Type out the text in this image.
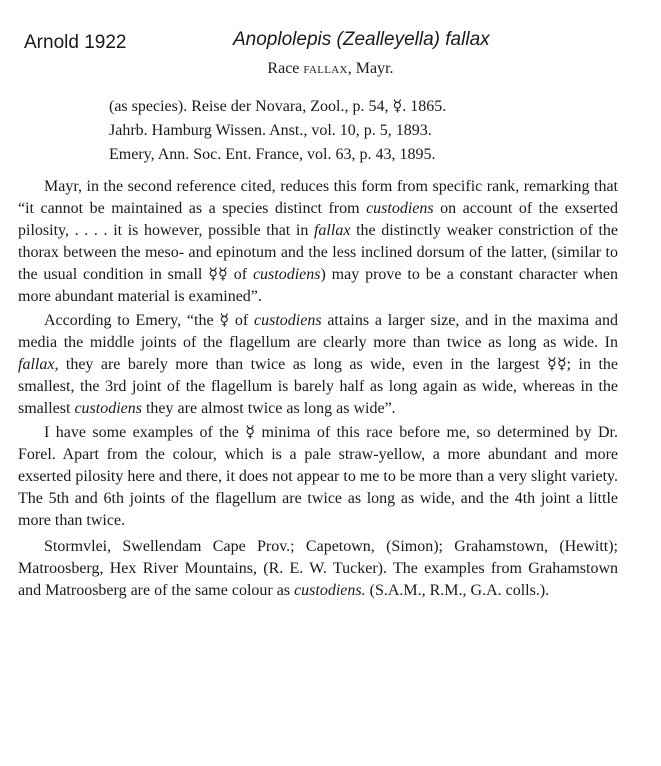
Arnold 1922	Anoplolepis (Zealleyella) fallax
Race fallax, Mayr.
(as species). Reise der Novara, Zool., p. 54, ☿. 1865.
Jahrb. Hamburg Wissen. Anst., vol. 10, p. 5, 1893.
Emery, Ann. Soc. Ent. France, vol. 63, p. 43, 1895.

Mayr, in the second reference cited, reduces this form from specific rank, remarking that “it cannot be maintained as a species distinct from custodiens on account of the exserted pilosity, . . . . it is however, possible that in fallax the distinctly weaker constriction of the thorax between the meso- and epinotum and the less inclined dorsum of the latter, (similar to the usual condition in small ☿☿ of custodiens) may prove to be a constant character when more abundant material is examined”.

According to Emery, “the ☿ of custodiens attains a larger size, and in the maxima and media the middle joints of the flagellum are clearly more than twice as long as wide. In fallax, they are barely more than twice as long as wide, even in the largest ☿☿; in the smallest, the 3rd joint of the flagellum is barely half as long again as wide, whereas in the smallest custodiens they are almost twice as long as wide”.

I have some examples of the ☿ minima of this race before me, so determined by Dr. Forel. Apart from the colour, which is a pale straw-yellow, a more abundant and more exserted pilosity here and there, it does not appear to me to be more than a very slight variety. The 5th and 6th joints of the flagellum are twice as long as wide, and the 4th joint a little more than twice.

Stormvlei, Swellendam Cape Prov.; Capetown, (Simon); Grahamstown, (Hewitt); Matroosberg, Hex River Mountains, (R. E. W. Tucker). The examples from Grahamstown and Matroosberg are of the same colour as custodiens. (S.A.M., R.M., G.A. colls.).
